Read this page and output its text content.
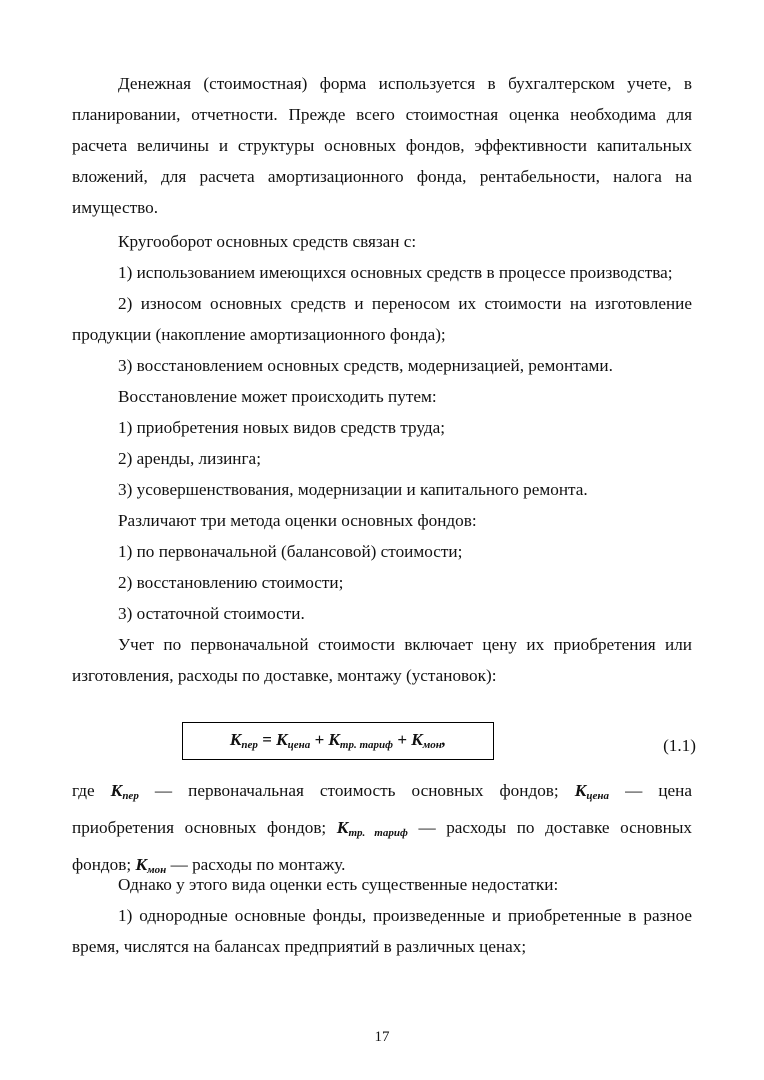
Денежная (стоимостная) форма используется в бухгалтерском учете, в планировании, отчетности. Прежде всего стоимостная оценка необходима для расчета величины и структуры основных фондов, эффективности капитальных вложений, для расчета амортизационного фонда, рентабельности, налога на имущество.

Кругооборот основных средств связан с:

1) использованием имеющихся основных средств в процессе производства;

2) износом основных средств и переносом их стоимости на изготовление продукции (накопление амортизационного фонда);

3) восстановлением основных средств, модернизацией, ремонтами.

Восстановление может происходить путем:

1) приобретения новых видов средств труда;

2) аренды, лизинга;

3) усовершенствования, модернизации и капитального ремонта.

Различают три метода оценки основных фондов:

1) по первоначальной (балансовой) стоимости;

2) восстановлению стоимости;

3) остаточной стоимости.

Учет по первоначальной стоимости включает цену их приобретения или изготовления, расходы по доставке, монтажу (установок):

$К_{пер} = К_{цена} + К_{тр. тариф} + К_{мон}$,	(1.1)

где $К_{пер}$ — первоначальная стоимость основных фондов; $К_{цена}$ — цена приобретения основных фондов; $К_{тр. тариф}$ — расходы по доставке основных фондов; $К_{мон}$ — расходы по монтажу.

Однако у этого вида оценки есть существенные недостатки:

1) однородные основные фонды, произведенные и приобретенные в разное время, числятся на балансах предприятий в различных ценах;

17
